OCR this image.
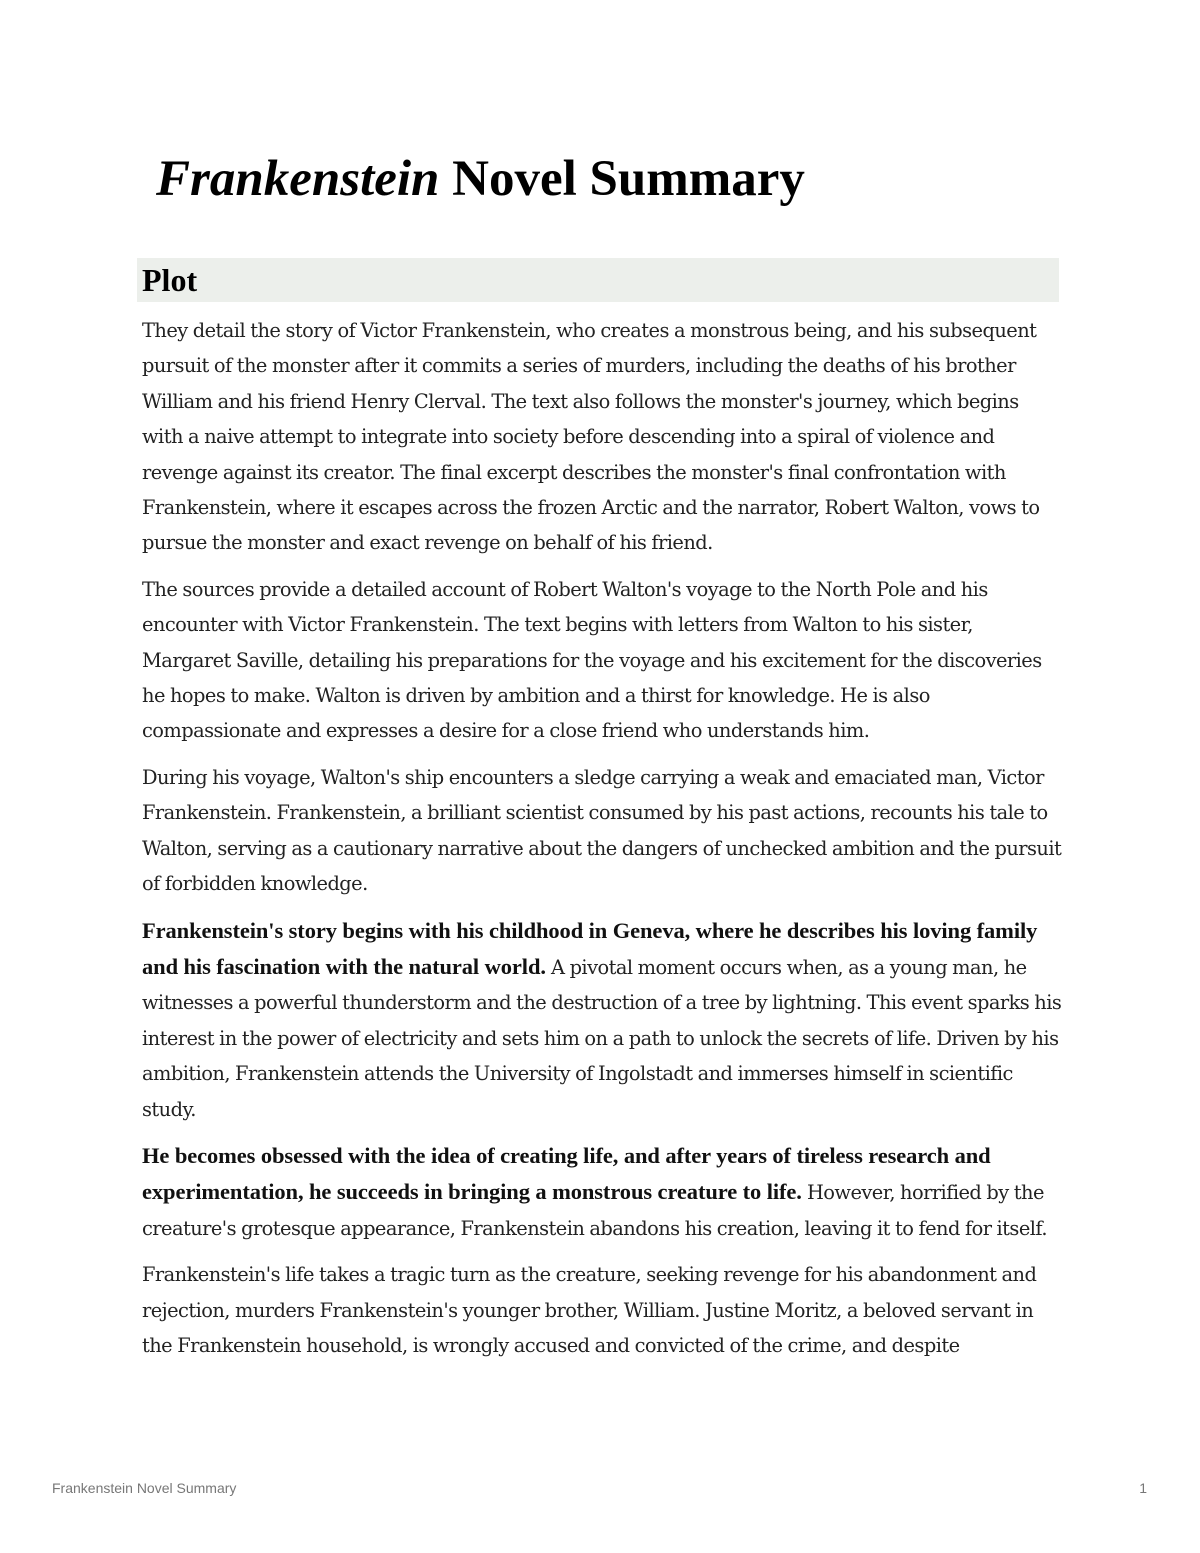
Frankenstein Novel Summary
Plot

They detail the story of Victor Frankenstein, who creates a monstrous being, and his subsequent pursuit of the monster after it commits a series of murders, including the deaths of his brother William and his friend Henry Clerval. The text also follows the monster's journey, which begins with a naive attempt to integrate into society before descending into a spiral of violence and revenge against its creator. The final excerpt describes the monster's final confrontation with Frankenstein, where it escapes across the frozen Arctic and the narrator, Robert Walton, vows to pursue the monster and exact revenge on behalf of his friend.

The sources provide a detailed account of Robert Walton's voyage to the North Pole and his encounter with Victor Frankenstein. The text begins with letters from Walton to his sister, Margaret Saville, detailing his preparations for the voyage and his excitement for the discoveries he hopes to make. Walton is driven by ambition and a thirst for knowledge. He is also compassionate and expresses a desire for a close friend who understands him.

During his voyage, Walton's ship encounters a sledge carrying a weak and emaciated man, Victor Frankenstein. Frankenstein, a brilliant scientist consumed by his past actions, recounts his tale to Walton, serving as a cautionary narrative about the dangers of unchecked ambition and the pursuit of forbidden knowledge.

Frankenstein's story begins with his childhood in Geneva, where he describes his loving family and his fascination with the natural world. A pivotal moment occurs when, as a young man, he witnesses a powerful thunderstorm and the destruction of a tree by lightning. This event sparks his interest in the power of electricity and sets him on a path to unlock the secrets of life. Driven by his ambition, Frankenstein attends the University of Ingolstadt and immerses himself in scientific study.

He becomes obsessed with the idea of creating life, and after years of tireless research and experimentation, he succeeds in bringing a monstrous creature to life. However, horrified by the creature's grotesque appearance, Frankenstein abandons his creation, leaving it to fend for itself.

Frankenstein's life takes a tragic turn as the creature, seeking revenge for his abandonment and rejection, murders Frankenstein's younger brother, William. Justine Moritz, a beloved servant in the Frankenstein household, is wrongly accused and convicted of the crime, and despite

Frankenstein Novel Summary	1
